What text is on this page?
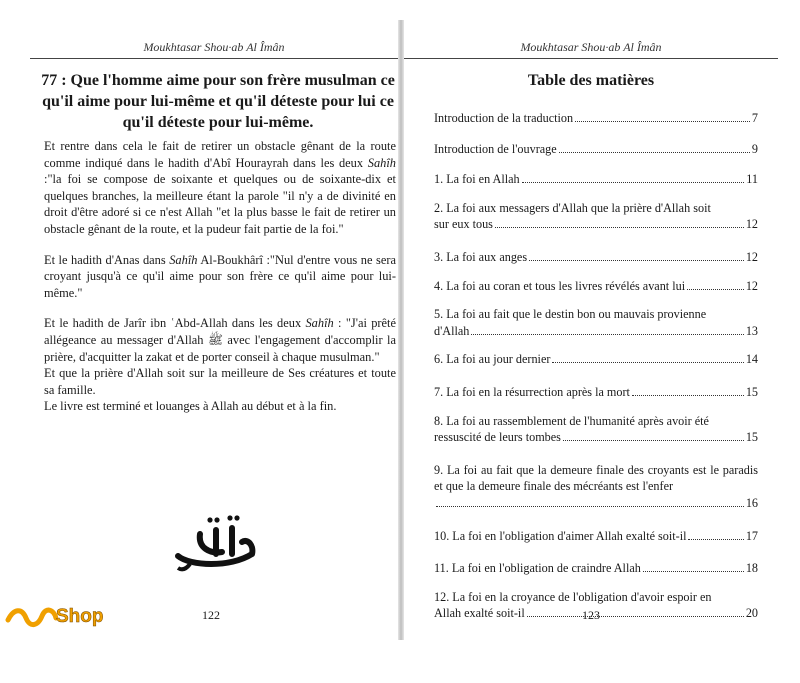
Moukhtasar Shou·ab Al Îmân
77 : Que l'homme aime pour son frère musulman ce qu'il aime pour lui-même et qu'il déteste pour lui ce qu'il déteste pour lui-même.

Et rentre dans cela le fait de retirer un obstacle gênant de la route comme indiqué dans le hadith d'Abî Hourayrah dans les deux Sahîh :"la foi se compose de soixante et quelques ou de soixante-dix et quelques branches, la meilleure étant la parole "il n'y a de divinité en droit d'être adoré si ce n'est Allah "et la plus basse le fait de retirer un obstacle gênant de la route, et la pudeur fait partie de la foi."

Et le hadith d'Anas dans Sahîh Al-Boukhârî :"Nul d'entre vous ne sera croyant jusqu'à ce qu'il aime pour son frère ce qu'il aime pour lui-même."

Et le hadith de Jarîr ibn ʿAbd-Allah dans les deux Sahîh : "J'ai prêté allégeance au messager d'Allah ﷺ avec l'engagement d'accomplir la prière, d'acquitter la zakat et de porter conseil à chaque musulman."

Et que la prière d'Allah soit sur la meilleure de Ses créatures et toute sa famille.

Le livre est terminé et louanges à Allah au début et à la fin.

122
Moukhtasar Shou·ab Al Îmân
Table des matières
Introduction de la traduction	7
Introduction de l'ouvrage	9
1. La foi en Allah	11
2. La foi aux messagers d'Allah que la prière d'Allah soit
sur eux tous	12
3. La foi aux anges	12
4. La foi au coran et tous les livres révélés avant lui	12
5. La foi au fait que le destin bon ou mauvais provienne
d'Allah	13
6. La foi au jour dernier	14
7. La foi en la résurrection après la mort	15
8. La foi au rassemblement de l'humanité après avoir été
ressuscité de leurs tombes	15
9. La foi au fait que la demeure finale des croyants est le paradis et que la demeure finale des mécréants est l'enfer
16
10. La foi en l'obligation d'aimer Allah exalté soit-il	17
11. La foi en l'obligation de craindre Allah	18
12. La foi en la croyance de l'obligation d'avoir espoir en
Allah exalté soit-il	20
123
Shop
